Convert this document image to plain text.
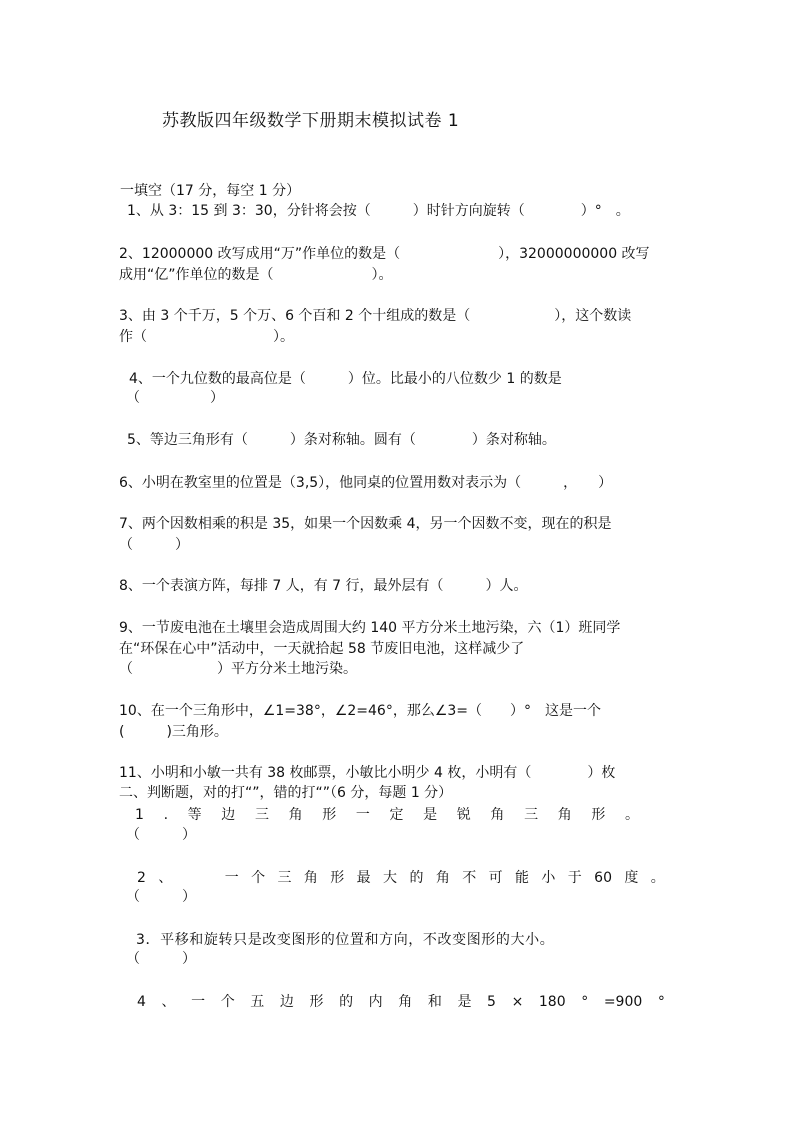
苏教版四年级数学下册期末模拟试卷 1
一填空（17 分，每空 1 分）
1、从 3：15 到 3：30，分针将会按（　　　）时针方向旋转（　　　　）°　。
2、12000000 改写成用“万”作单位的数是（　　　　　　　），32000000000 改写
成用“亿”作单位的数是（　　　　　　　）。
3、由 3 个千万，5 个万、6 个百和 2 个十组成的数是（　　　　　　），这个数读
作（　　　　　　　　　）。
4、一个九位数的最高位是（　　　）位。比最小的八位数少 1 的数是
（　　　　　）
5、等边三角形有（　　　）条对称轴。圆有（　　　　）条对称轴。
6、小明在教室里的位置是（3,5），他同桌的位置用数对表示为（　　　，　　）
7、两个因数相乘的积是 35，如果一个因数乘 4，另一个因数不变，现在的积是
（　　　）
8、一个表演方阵，每排 7 人，有 7 行，最外层有（　　　）人。
9、一节废电池在土壤里会造成周围大约 140 平方分米土地污染，六（1）班同学
在“环保在心中”活动中，一天就拾起 58 节废旧电池，这样减少了
（　　　　　　）平方分米土地污染。
10、在一个三角形中，∠1=38°，∠2=46°，那么∠3=（　　）°　这是一个
(　　　)三角形。
11、小明和小敏一共有 38 枚邮票，小敏比小明少 4 枚，小明有（　　　　）枚
二、判断题，对的打“”，错的打“”（6 分，每题 1 分）
1 . 等 边 三 角 形 一 定 是 锐 角 三 角 形 。
（　　　）
2 、	一 个 三 角 形 最 大 的 角 不 可 能 小 于 60 度 。
（　　　）
3．平移和旋转只是改变图形的位置和方向，不改变图形的大小。
（　　　）
4 、 一 个 五 边 形 的 内 角 和 是 5 × 180 ° =900 °
